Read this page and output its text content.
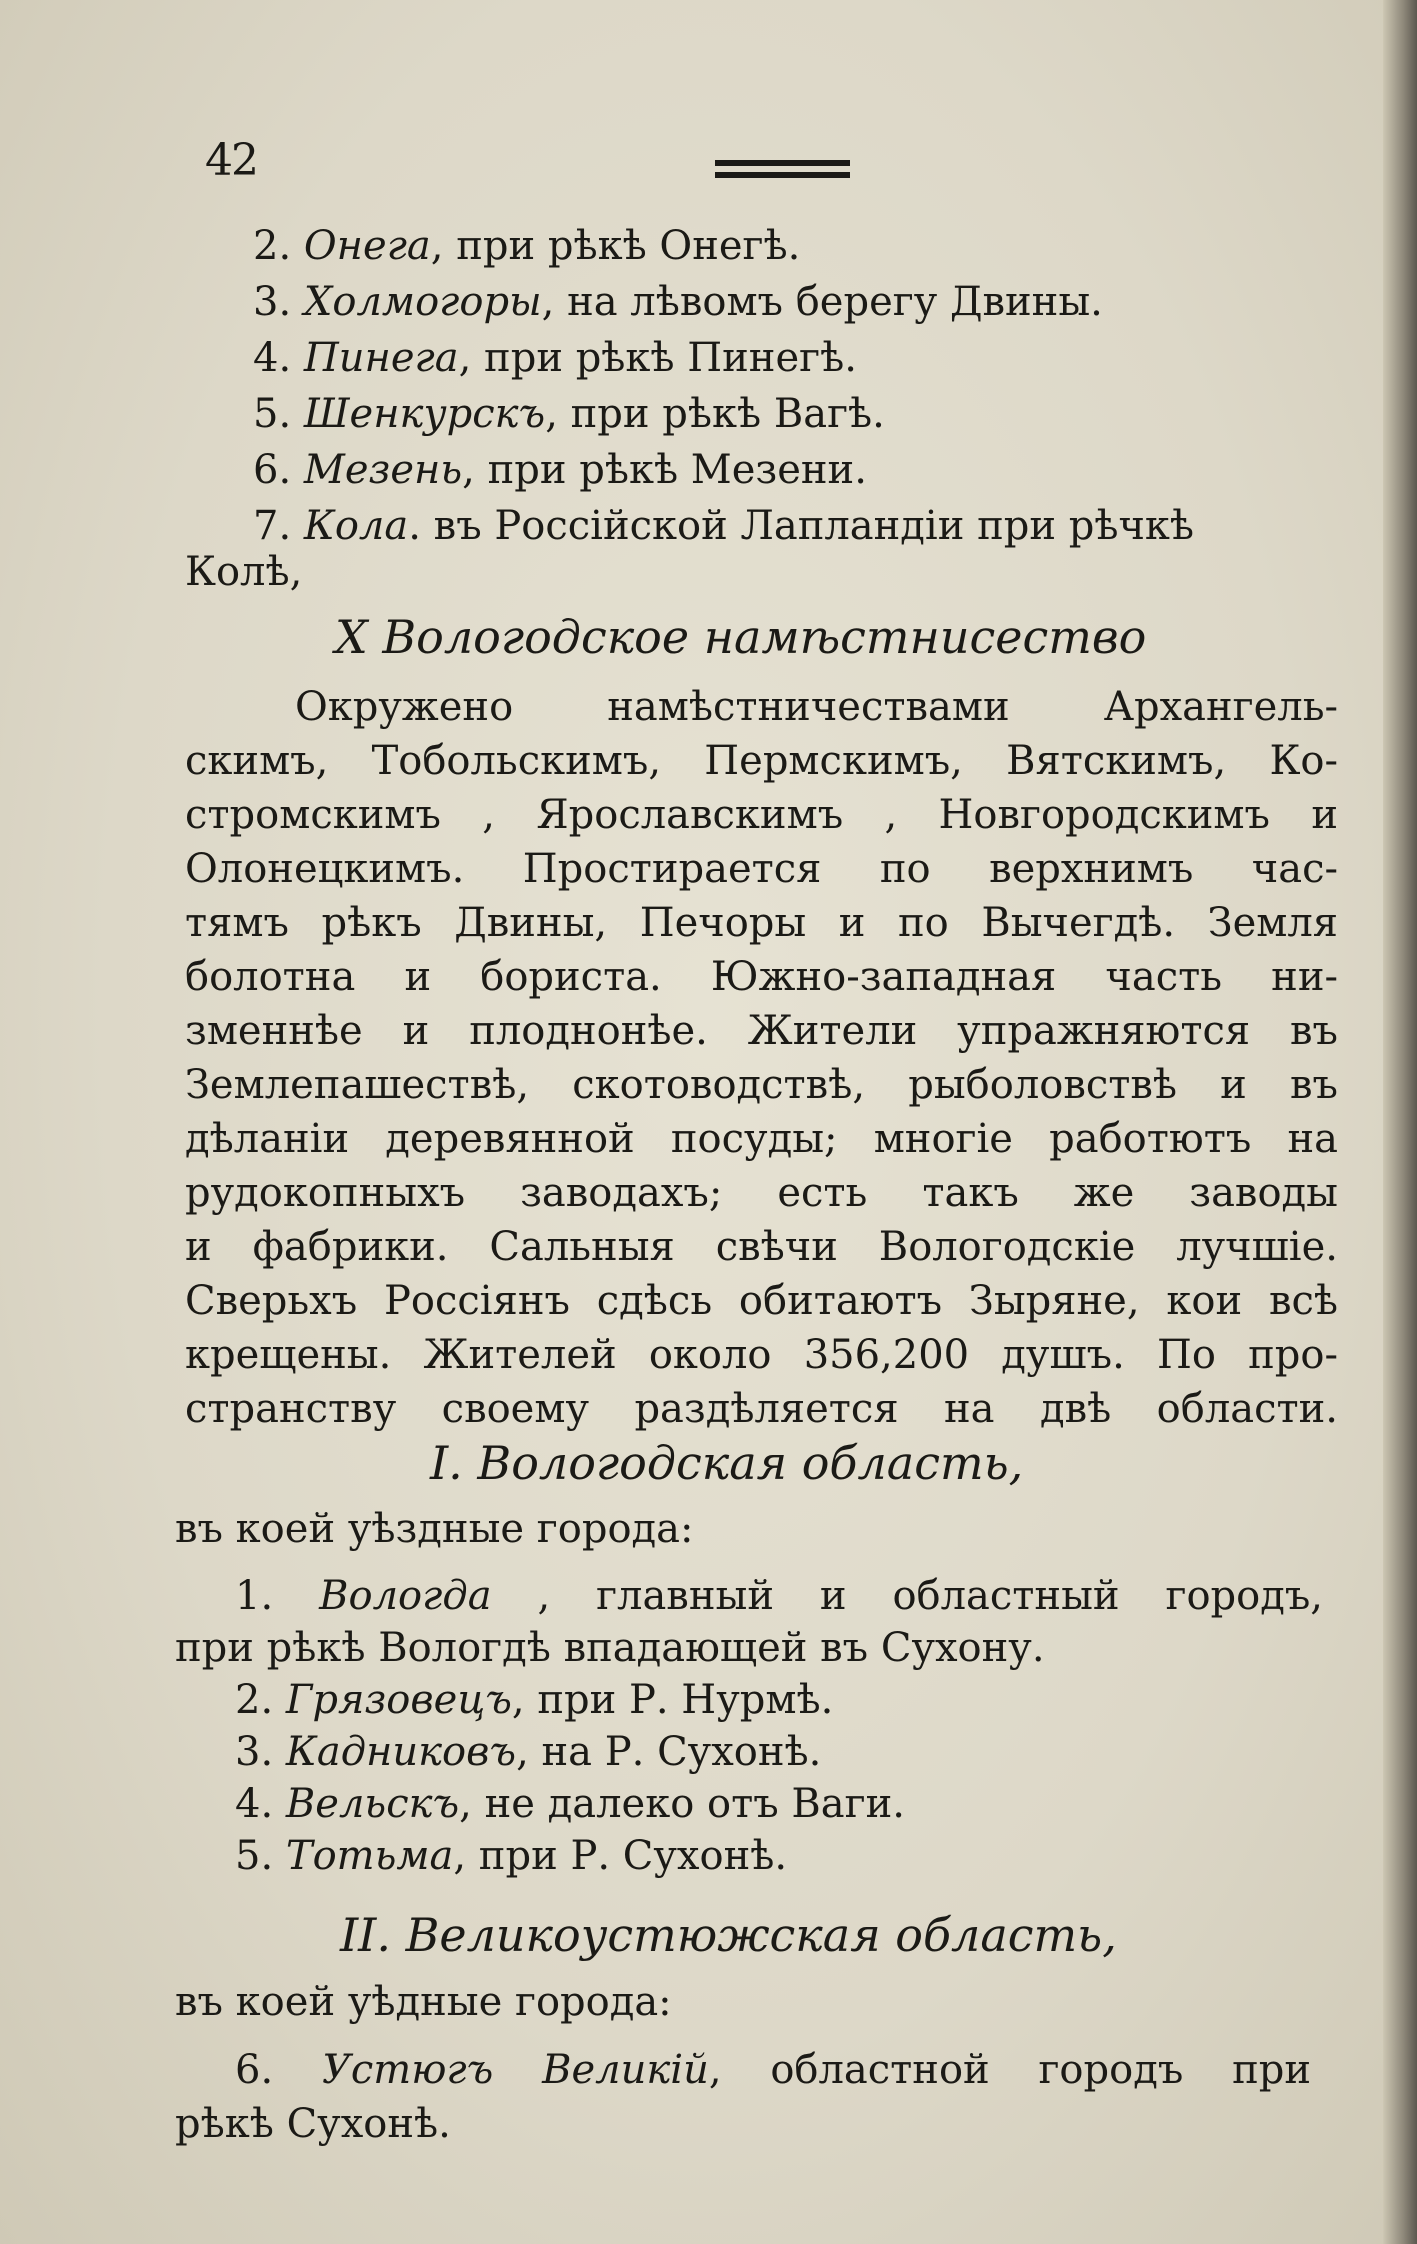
42
2. Онега, при рѣкѣ Онегѣ.
3. Холмогоры, на лѣвомъ берегу Двины.
4. Пинега, при рѣкѣ Пинегѣ.
5. Шенкурскъ, при рѣкѣ Вагѣ.
6. Мезень, при рѣкѣ Мезени.
7. Кола. въ Россiйской Лапландiи при рѣчкѣ
Колѣ,
X Вологодское намѣстнисество
Окружено намѣстничествами Архангель-
скимъ, Тобольскимъ, Пермскимъ, Вятскимъ, Ко-
стромскимъ , Ярославскимъ , Новгородскимъ и
Олонецкимъ. Простирается по верхнимъ час-
тямъ рѣкъ Двины, Печоры и по Вычегдѣ. Земля
болотна и бориста. Южно-западная часть ни-
зменнѣе и плоднонѣе. Жители упражняются въ
Землепашествѣ, скотоводствѣ, рыболовствѣ и въ
дѣланiи деревянной посуды; многiе работютъ на
рудокопныхъ заводахъ; есть такъ же заводы
и фабрики. Сальныя свѣчи Вологодскiе лучшiе.
Сверьхъ Россiянъ сдѣсь обитаютъ Зыряне, кои всѣ
крещены. Жителей около 356,200 душъ. По про-
странству своему раздѣляется на двѣ области.
I. Вологодская область,
въ коей уѣздные города:
1. Вологда , главный и областный городъ,
при рѣкѣ Вологдѣ впадающей въ Сухону.
2. Грязовецъ, при Р. Нурмѣ.
3. Кадниковъ, на Р. Сухонѣ.
4. Вельскъ, не далеко отъ Ваги.
5. Тотьма, при Р. Сухонѣ.
II. Великоустюжская область,
въ коей уѣдные города:
6. Устюгъ Великiй, областной городъ при
рѣкѣ Сухонѣ.
